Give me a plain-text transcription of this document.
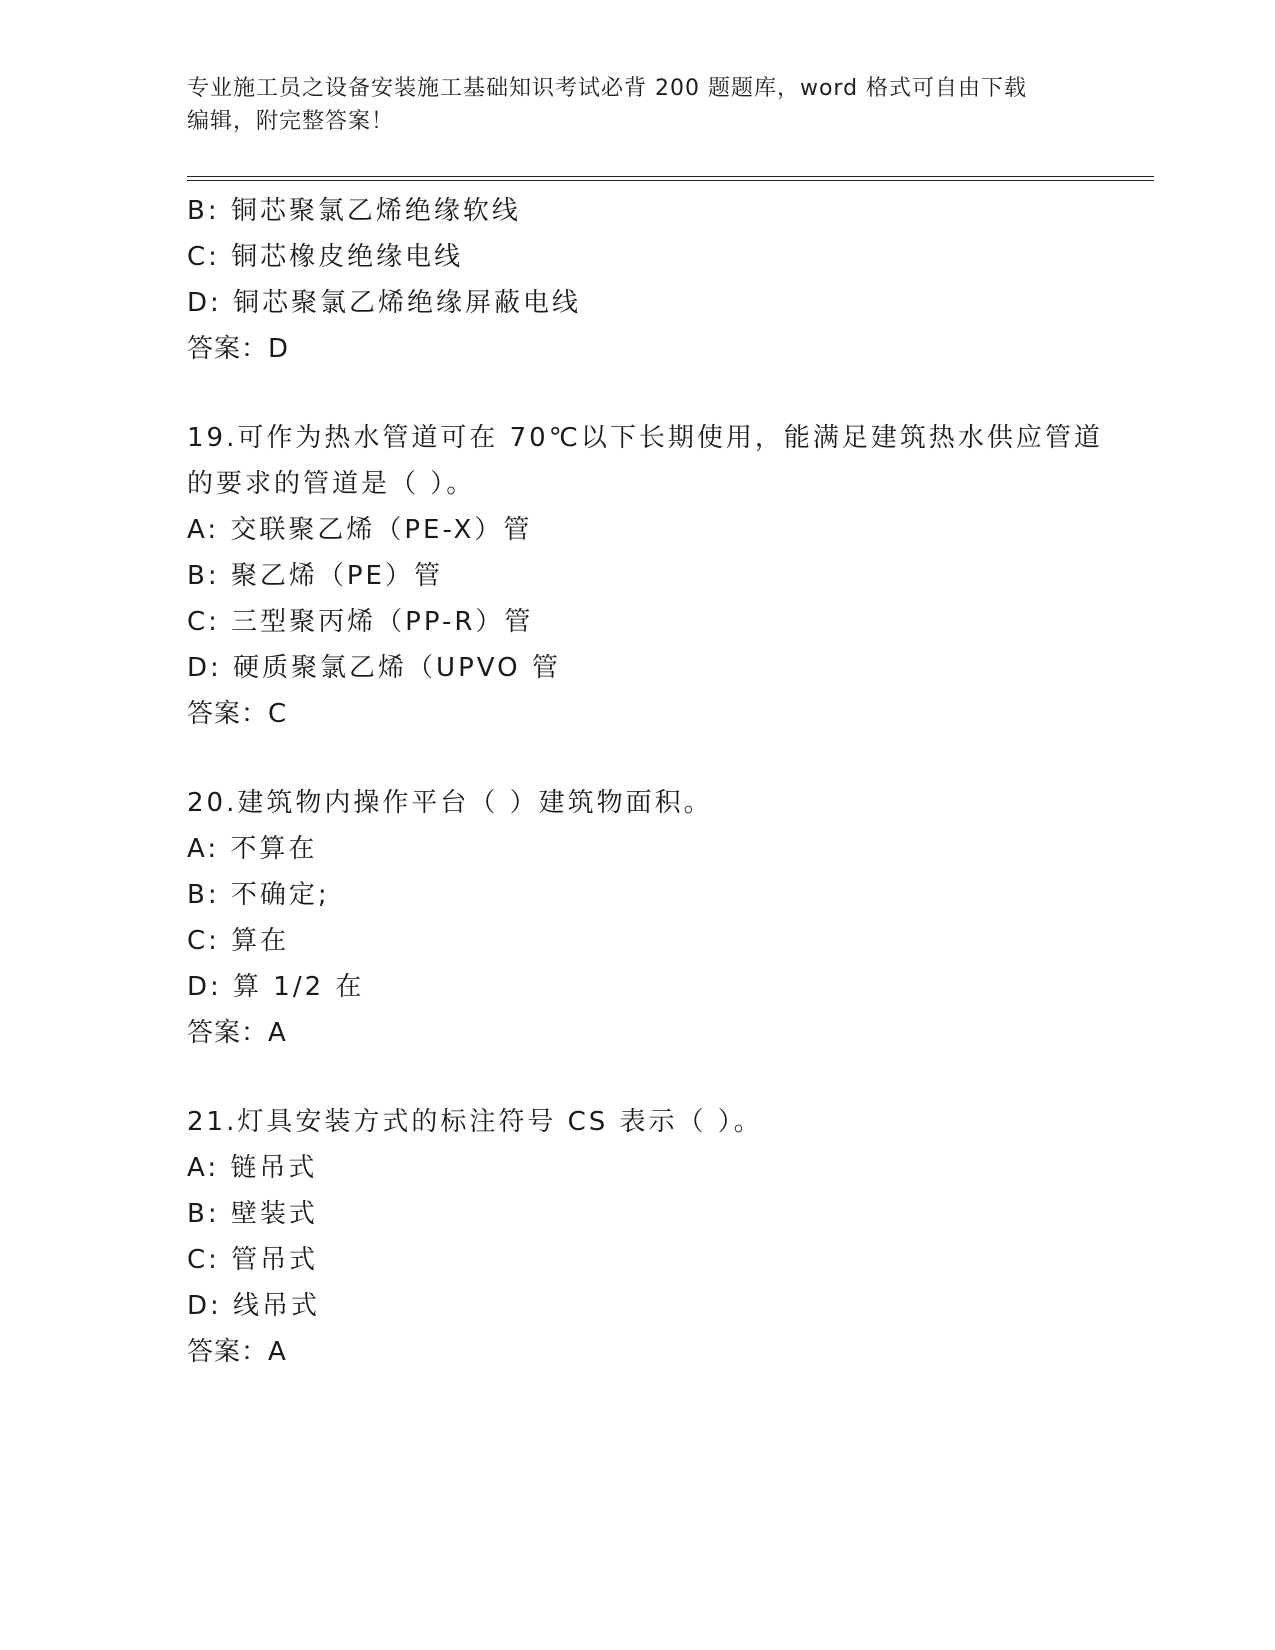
专业施工员之设备安装施工基础知识考试必背 200 题题库，word 格式可自由下载
编辑，附完整答案！
B: 铜芯聚氯乙烯绝缘软线
C: 铜芯橡皮绝缘电线
D: 铜芯聚氯乙烯绝缘屏蔽电线
答案：D
19.可作为热水管道可在 70℃以下长期使用，能满足建筑热水供应管道
的要求的管道是（ ）。
A: 交联聚乙烯（PE-X）管
B: 聚乙烯（PE）管
C: 三型聚丙烯（PP-R）管
D: 硬质聚氯乙烯（UPVO 管
答案：C
20.建筑物内操作平台（ ）建筑物面积。
A: 不算在
B: 不确定;
C: 算在
D: 算 1/2 在
答案：A
21.灯具安装方式的标注符号 CS 表示（ ）。
A: 链吊式
B: 壁装式
C: 管吊式
D: 线吊式
答案：A
